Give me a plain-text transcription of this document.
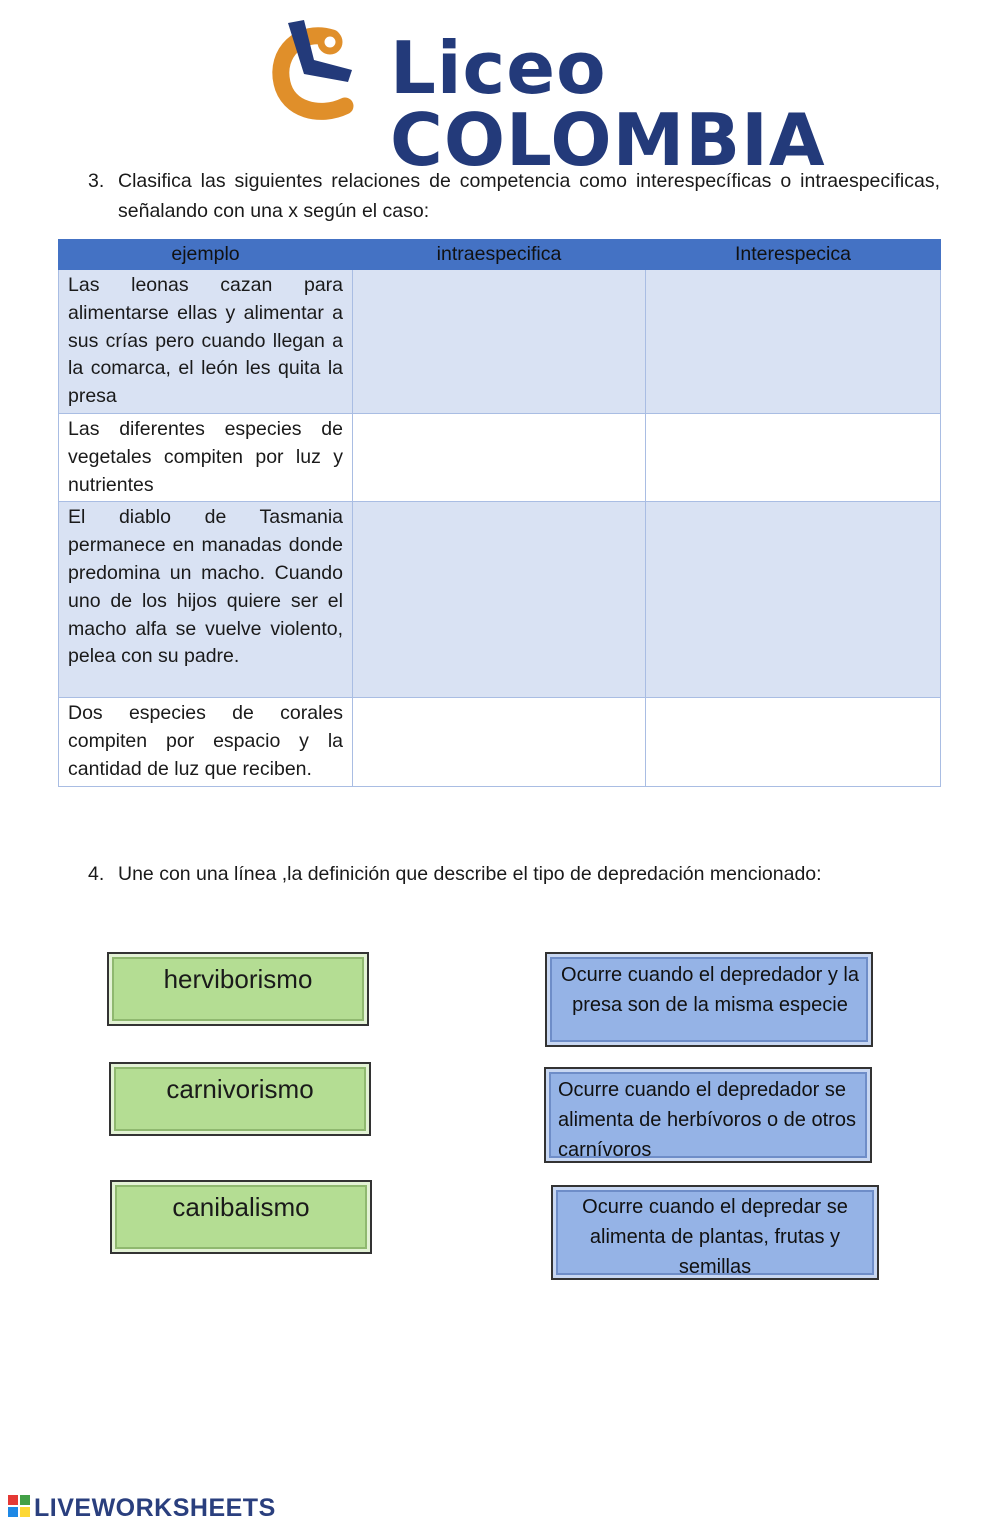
Liceo COLOMBIA
3. Clasifica las siguientes relaciones de competencia como interespecíficas o intraespecificas, señalando con una x según el caso:
ejemplo	intraespecifica	Interespecica
Las leonas cazan para alimentarse ellas y alimentar a sus crías pero cuando llegan a la comarca, el león les quita la presa		
Las diferentes especies de vegetales compiten por luz y nutrientes		
El diablo de Tasmania permanece en manadas donde predomina un macho. Cuando uno de los hijos quiere ser el macho alfa se vuelve violento, pelea con su padre.		
Dos especies de corales compiten por espacio y la cantidad de luz que reciben.		
4. Une con una línea ,la definición que describe el tipo de depredación mencionado:
herviborismo
carnivorismo
canibalismo
Ocurre cuando el depredador y la presa son de la misma especie
Ocurre cuando el depredador se alimenta de herbívoros o de otros carnívoros
Ocurre cuando el depredar se alimenta de plantas, frutas y semillas
LIVEWORKSHEETS
